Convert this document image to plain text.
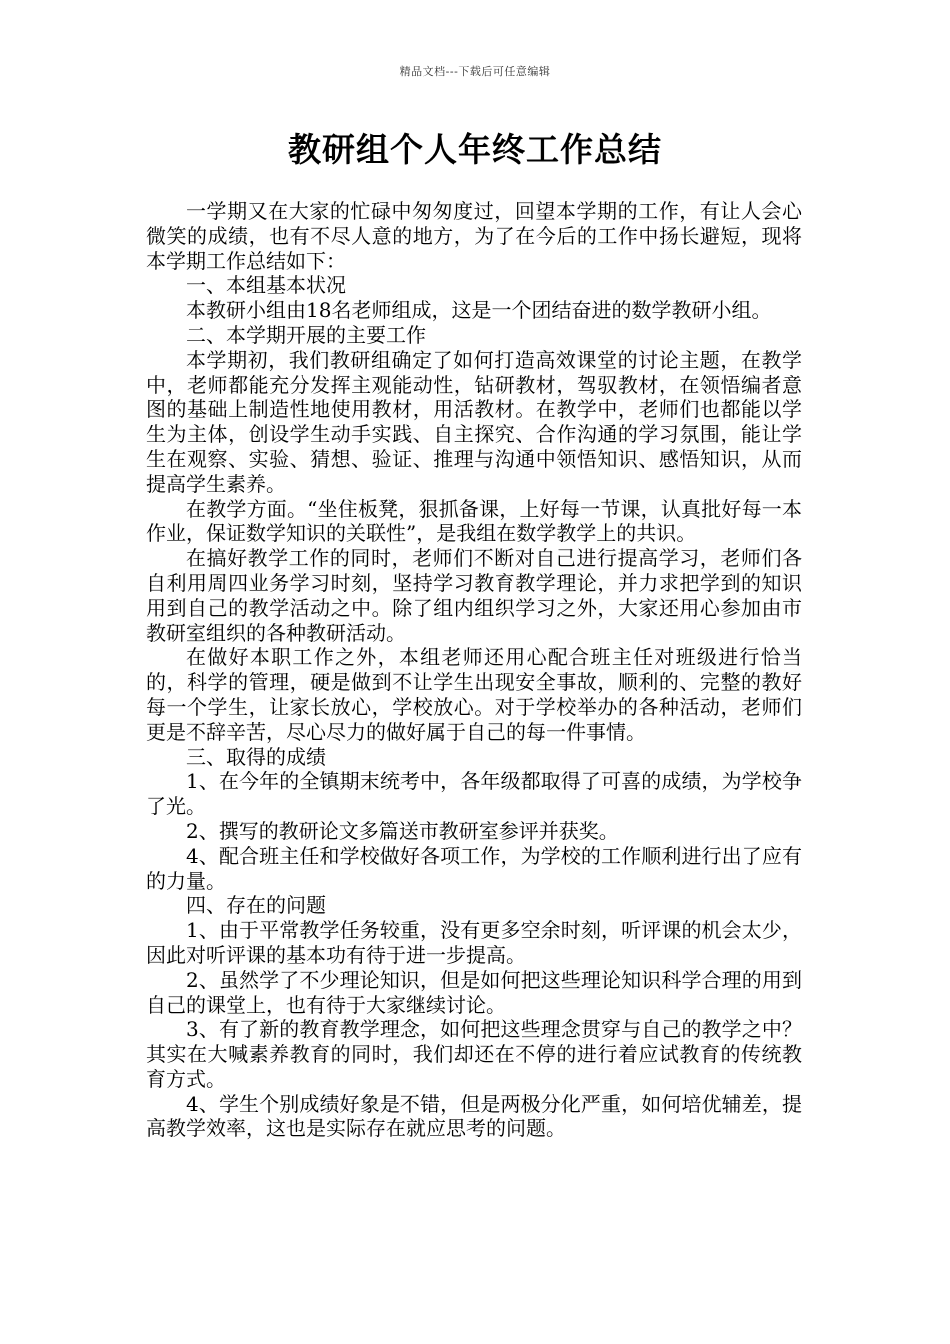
精品文档---下载后可任意编辑
教研组个人年终工作总结

一学期又在大家的忙碌中匆匆度过，回望本学期的工作，有让人会心微笑的成绩，也有不尽人意的地方，为了在今后的工作中扬长避短，现将本学期工作总结如下：

一、本组基本状况

本教研小组由18名老师组成，这是一个团结奋进的数学教研小组。

二、本学期开展的主要工作

本学期初，我们教研组确定了如何打造高效课堂的讨论主题，在教学中，老师都能充分发挥主观能动性，钻研教材，驾驭教材，在领悟编者意图的基础上制造性地使用教材，用活教材。在教学中，老师们也都能以学生为主体，创设学生动手实践、自主探究、合作沟通的学习氛围，能让学生在观察、实验、猜想、验证、推理与沟通中领悟知识、感悟知识，从而提高学生素养。

在教学方面。“坐住板凳，狠抓备课，上好每一节课，认真批好每一本作业，保证数学知识的关联性”，是我组在数学教学上的共识。

在搞好教学工作的同时，老师们不断对自己进行提高学习，老师们各自利用周四业务学习时刻，坚持学习教育教学理论，并力求把学到的知识用到自己的教学活动之中。除了组内组织学习之外，大家还用心参加由市教研室组织的各种教研活动。

在做好本职工作之外，本组老师还用心配合班主任对班级进行恰当的，科学的管理，硬是做到不让学生出现安全事故，顺利的、完整的教好每一个学生，让家长放心，学校放心。对于学校举办的各种活动，老师们更是不辞辛苦，尽心尽力的做好属于自己的每一件事情。

三、取得的成绩

1、在今年的全镇期末统考中，各年级都取得了可喜的成绩，为学校争了光。

2、撰写的教研论文多篇送市教研室参评并获奖。

4、配合班主任和学校做好各项工作，为学校的工作顺利进行出了应有的力量。

四、存在的问题

1、由于平常教学任务较重，没有更多空余时刻，听评课的机会太少，因此对听评课的基本功有待于进一步提高。

2、虽然学了不少理论知识，但是如何把这些理论知识科学合理的用到自己的课堂上，也有待于大家继续讨论。

3、有了新的教育教学理念，如何把这些理念贯穿与自己的教学之中？其实在大喊素养教育的同时，我们却还在不停的进行着应试教育的传统教育方式。

4、学生个别成绩好象是不错，但是两极分化严重，如何培优辅差，提高教学效率，这也是实际存在就应思考的问题。
